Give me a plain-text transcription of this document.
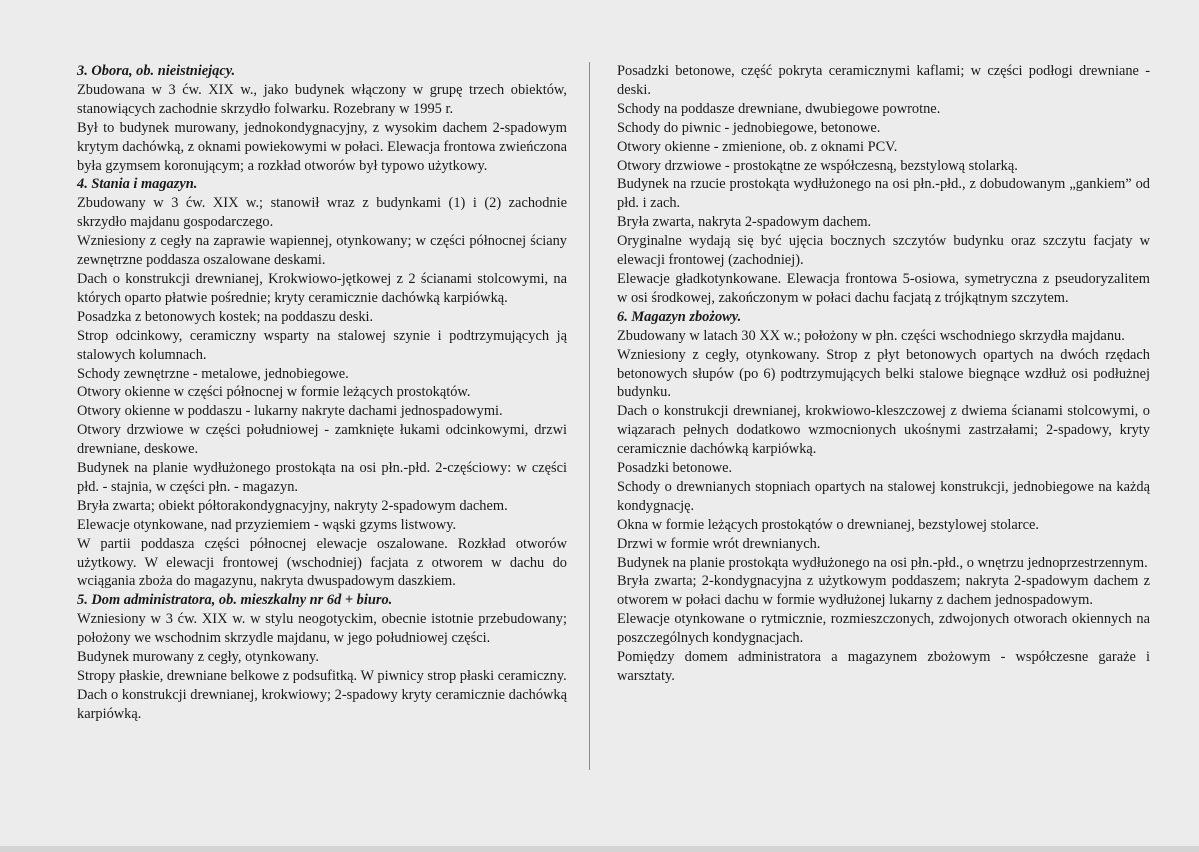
3. Obora, ob. nieistniejący.

Zbudowana w 3 ćw. XIX w., jako budynek włączony w grupę trzech obiektów, stanowiących zachodnie skrzydło folwarku. Rozebrany w 1995 r.

Był to budynek murowany, jednokondygnacyjny, z wysokim dachem 2-spadowym krytym dachówką, z oknami powiekowymi w połaci. Elewacja frontowa zwieńczona była gzymsem koronującym; a rozkład otworów był typowo użytkowy.

4. Stania i magazyn.

Zbudowany w 3 ćw. XIX w.; stanowił wraz z budynkami (1) i (2) zachodnie skrzydło majdanu gospodarczego.

Wzniesiony z cegły na zaprawie wapiennej, otynkowany; w części północnej ściany zewnętrzne poddasza oszalowane deskami.

Dach o konstrukcji drewnianej, Krokwiowo-jętkowej z 2 ścianami stolcowymi, na których oparto płatwie pośrednie; kryty ceramicznie dachówką karpiówką.

Posadzka z betonowych kostek; na poddaszu deski.

Strop odcinkowy, ceramiczny wsparty na stalowej szynie i podtrzymujących ją stalowych kolumnach.

Schody zewnętrzne - metalowe, jednobiegowe.

Otwory okienne w części północnej w formie leżących prostokątów.

Otwory okienne w poddaszu - lukarny nakryte dachami jednospadowymi.

Otwory drzwiowe w części południowej - zamknięte łukami odcinkowymi, drzwi drewniane, deskowe.

Budynek na planie wydłużonego prostokąta na osi płn.-płd. 2-częściowy: w części płd. - stajnia, w części płn. - magazyn.

Bryła zwarta; obiekt półtorakondygnacyjny, nakryty 2-spadowym dachem.

Elewacje otynkowane, nad przyziemiem - wąski gzyms listwowy.

W partii poddasza części północnej elewacje oszalowane. Rozkład otworów użytkowy. W elewacji frontowej (wschodniej) facjata z otworem w dachu do wciągania zboża do magazynu, nakryta dwuspadowym daszkiem.

5. Dom administratora, ob. mieszkalny nr 6d + biuro.

Wzniesiony w 3 ćw. XIX w. w stylu neogotyckim, obecnie istotnie przebudowany; położony we wschodnim skrzydle majdanu, w jego południowej części.

Budynek murowany z cegły, otynkowany.

Stropy płaskie, drewniane belkowe z podsufitką. W piwnicy strop płaski ceramiczny.

Dach o konstrukcji drewnianej, krokwiowy; 2-spadowy kryty ceramicznie dachówką karpiówką.

Posadzki betonowe, część pokryta ceramicznymi kaflami; w części podłogi drewniane - deski.

Schody na poddasze drewniane, dwubiegowe powrotne.

Schody do piwnic - jednobiegowe, betonowe.

Otwory okienne - zmienione, ob. z oknami PCV.

Otwory drzwiowe - prostokątne ze współczesną, bezstylową stolarką.

Budynek na rzucie prostokąta wydłużonego na osi płn.-płd., z dobudowanym „gankiem” od płd. i zach.

Bryła zwarta, nakryta 2-spadowym dachem.

Oryginalne wydają się być ujęcia bocznych szczytów budynku oraz szczytu facjaty w elewacji frontowej (zachodniej).

Elewacje gładkotynkowane. Elewacja frontowa 5-osiowa, symetryczna z pseudoryzalitem w osi środkowej, zakończonym w połaci dachu facjatą z trójkątnym szczytem.

6. Magazyn zbożowy.

Zbudowany w latach 30 XX w.; położony w płn. części wschodniego skrzydła majdanu.

Wzniesiony z cegły, otynkowany. Strop z płyt betonowych opartych na dwóch rzędach betonowych słupów (po 6) podtrzymujących belki stalowe biegnące wzdłuż osi podłużnej budynku.

Dach o konstrukcji drewnianej, krokwiowo-kleszczowej z dwiema ścianami stolcowymi, o wiązarach pełnych dodatkowo wzmocnionych ukośnymi zastrzałami; 2-spadowy, kryty ceramicznie dachówką karpiówką.

Posadzki betonowe.

Schody o drewnianych stopniach opartych na stalowej konstrukcji, jednobiegowe na każdą kondygnację.

Okna w formie leżących prostokątów o drewnianej, bezstylowej stolarce.

Drzwi w formie wrót drewnianych.

Budynek na planie prostokąta wydłużonego na osi płn.-płd., o wnętrzu jednoprzestrzennym.

Bryła zwarta; 2-kondygnacyjna z użytkowym poddaszem; nakryta 2-spadowym dachem z otworem w połaci dachu w formie wydłużonej lukarny z dachem jednospadowym.

Elewacje otynkowane o rytmicznie, rozmieszczonych, zdwojonych otworach okiennych na poszczególnych kondygnacjach.

Pomiędzy domem administratora a magazynem zbożowym - współczesne garaże i warsztaty.
